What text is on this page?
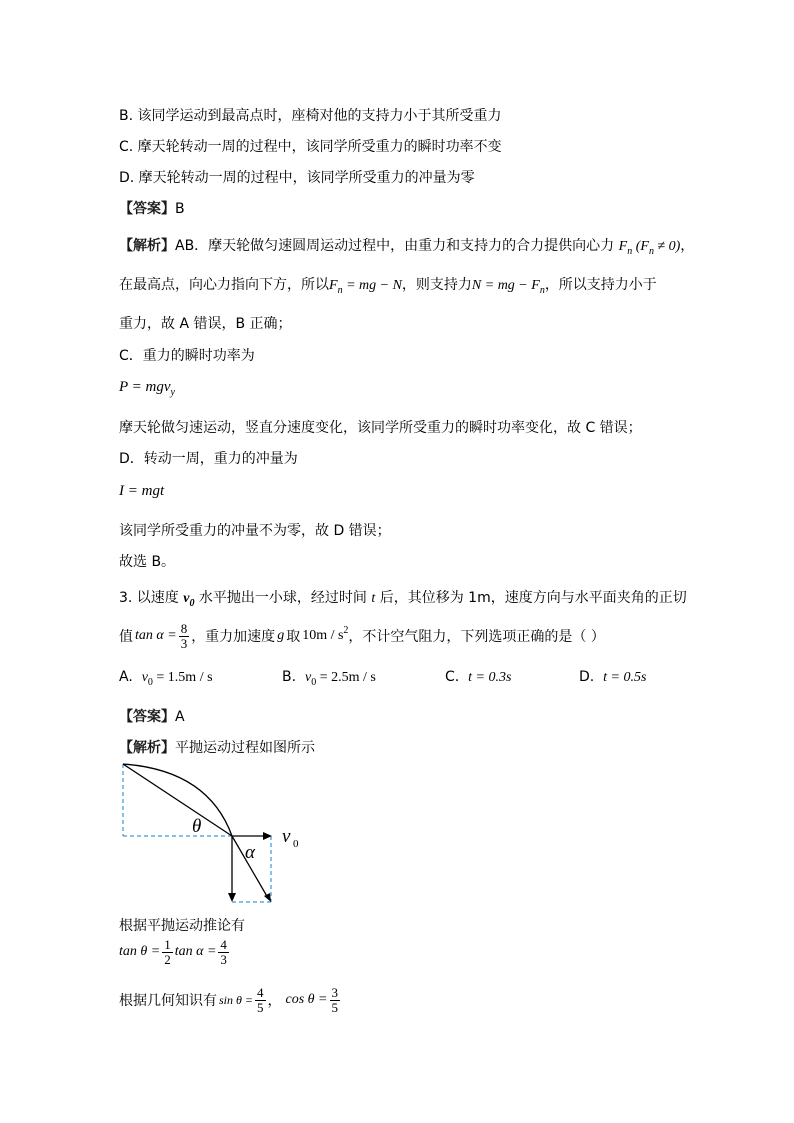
B. 该同学运动到最高点时，座椅对他的支持力小于其所受重力
C. 摩天轮转动一周的过程中，该同学所受重力的瞬时功率不变
D. 摩天轮转动一周的过程中，该同学所受重力的冲量为零
【答案】B
【解析】AB．摩天轮做匀速圆周运动过程中，由重力和支持力的合力提供向心力 $F_n$ $(F_n \ne 0)$，
在最高点，向心力指向下方，所以$F_n$ = mg − N，则支持力N = mg − $F_n$，所以支持力小于
重力，故 A 错误，B 正确；
C．重力的瞬时功率为
P = mgv$_y$
摩天轮做匀速运动，竖直分速度变化，该同学所受重力的瞬时功率变化，故 C 错误；
D．转动一周，重力的冲量为
I = mgt
该同学所受重力的冲量不为零，故 D 错误；
故选 B。
3. 以速度 $v_0$ 水平抛出一小球，经过时间 t 后，其位移为 1m，速度方向与水平面夹角的正切
值 $\tan \alpha = \frac{8}{3}$ ，重力加速度 g 取 $10m / s^2$ ，不计空气阻力，下列选项正确的是（ ）
A. $v_0 = 1.5m / s$	B. $v_0 = 2.5m / s$	C. t = 0.3s	D. t = 0.5s
【答案】A
【解析】平抛运动过程如图所示
θ
α
v 0
根据平抛运动推论有
$\tan \theta = \frac{1}{2}$ $\tan \alpha = \frac{4}{3}$
根据几何知识有 $\sin \theta = \frac{4}{5}$ ， $\cos \theta = \frac{3}{5}$
